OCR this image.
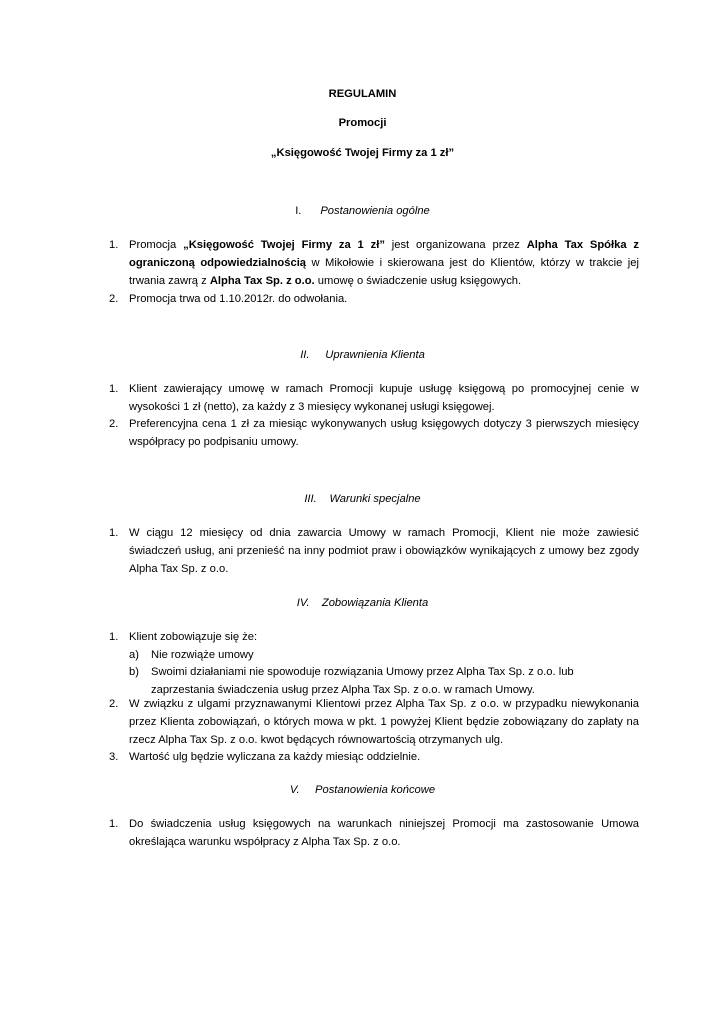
REGULAMIN
Promocji
„Księgowość Twojej Firmy za 1 zł”
I. Postanowienia ogólne
1. Promocja „Księgowość Twojej Firmy za 1 zł” jest organizowana przez Alpha Tax Spółka z ograniczoną odpowiedzialnością w Mikołowie i skierowana jest do Klientów, którzy w trakcie jej trwania zawrą z Alpha Tax Sp. z o.o. umowę o świadczenie usług księgowych.
2. Promocja trwa od 1.10.2012r. do odwołania.
II. Uprawnienia Klienta
1. Klient zawierający umowę w ramach Promocji kupuje usługę księgową po promocyjnej cenie w wysokości 1 zł (netto), za każdy z 3 miesięcy wykonanej usługi księgowej.
2. Preferencyjna cena 1 zł za miesiąc wykonywanych usług księgowych dotyczy 3 pierwszych miesięcy współpracy po podpisaniu umowy.
III. Warunki specjalne
1. W ciągu 12 miesięcy od dnia zawarcia Umowy w ramach Promocji, Klient nie może zawiesić świadczeń usług, ani przenieść na inny podmiot praw i obowiązków wynikających z umowy bez zgody Alpha Tax Sp. z o.o.
IV. Zobowiązania Klienta
1. Klient zobowiązuje się że:
a) Nie rozwiąże umowy
b) Swoimi działaniami nie spowoduje rozwiązania Umowy przez Alpha Tax Sp. z o.o. lub zaprzestania świadczenia usług przez Alpha Tax Sp. z o.o. w ramach Umowy.
2. W związku z ulgami przyznawanymi Klientowi przez Alpha Tax Sp. z o.o. w przypadku niewykonania przez Klienta zobowiązań, o których mowa w pkt. 1 powyżej Klient będzie zobowiązany do zapłaty na rzecz Alpha Tax Sp. z o.o. kwot będących równowartością otrzymanych ulg.
3. Wartość ulg będzie wyliczana za każdy miesiąc oddzielnie.
V. Postanowienia końcowe
1. Do świadczenia usług księgowych na warunkach niniejszej Promocji ma zastosowanie Umowa określająca warunku współpracy z Alpha Tax Sp. z o.o.
